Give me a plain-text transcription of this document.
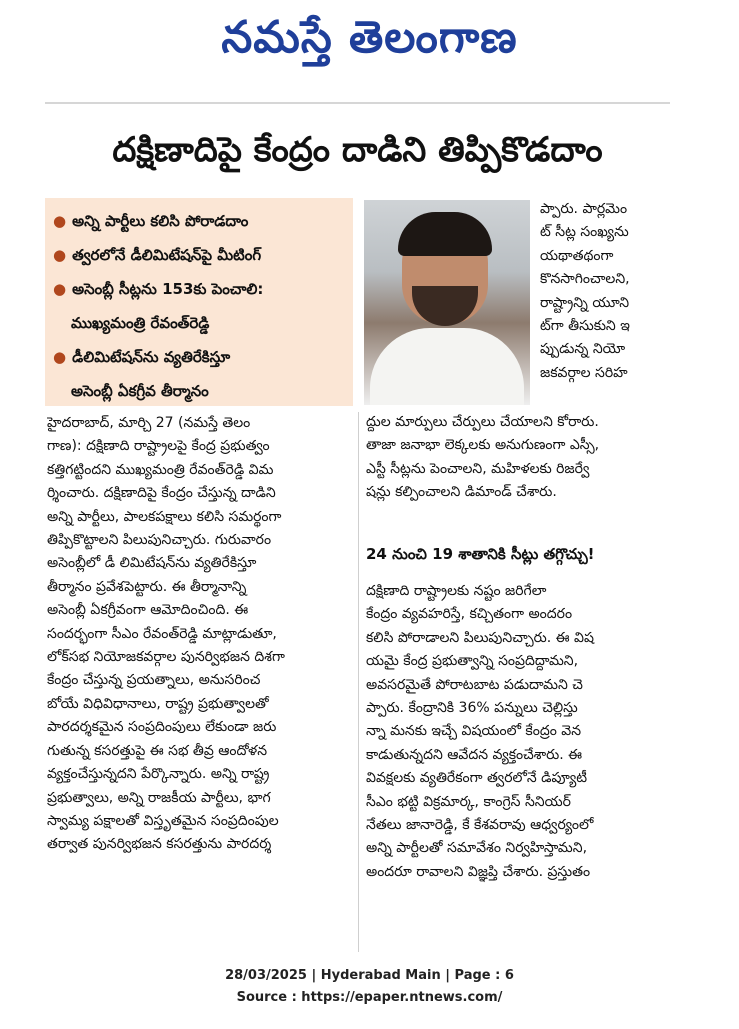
నమస్తే తెలంగాణ
దక్షిణాదిపై కేంద్రం దాడిని తిప్పికొడదాం
● అన్ని పార్టీలు కలిసి పోరాడదాం
● త్వరలోనే డీలిమిటేషన్‌పై మీటింగ్
● అసెంబ్లీ సీట్లను 153కు పెంచాలి:
ముఖ్యమంత్రి రేవంత్‌రెడ్డి
● డీలిమిటేషన్‌ను వ్యతిరేకిస్తూ
అసెంబ్లీ ఏకగ్రీవ తీర్మానం
ప్పారు. పార్లమెం
ట్ సీట్ల సంఖ్యను
యథాతథంగా
కొనసాగించాలని,
రాష్ట్రాన్ని యూని
ట్‌గా తీసుకుని ఇ
ప్పుడున్న నియో
జకవర్గాల సరిహ
ద్దుల మార్పులు చేర్పులు చేయాలని కోరారు.
తాజా జనాభా లెక్కలకు అనుగుణంగా ఎస్సీ,
ఎస్టీ సీట్లను పెంచాలని, మహిళలకు రిజర్వే
షన్లు కల్పించాలని డిమాండ్ చేశారు.
24 నుంచి 19 శాతానికి సీట్లు తగ్గొచ్చు!
దక్షిణాది రాష్ట్రాలకు నష్టం జరిగేలా
కేంద్రం వ్యవహరిస్తే, కచ్చితంగా అందరం
కలిసి పోరాడాలని పిలుపునిచ్చారు. ఈ విష
యమై కేంద్ర ప్రభుత్వాన్ని సంప్రదిద్దామని,
అవసరమైతే పోరాటబాట పడుదామని చె
ప్పారు. కేంద్రానికి 36% పన్నులు చెల్లిస్తు
న్నా మనకు ఇచ్చే విషయంలో కేంద్రం వెన
కాడుతున్నదని ఆవేదన వ్యక్తంచేశారు. ఈ
వివక్షలకు వ్యతిరేకంగా త్వరలోనే డిప్యూటీ
సీఎం భట్టి విక్రమార్క, కాంగ్రెస్ సీనియర్
నేతలు జానారెడ్డి, కే కేశవరావు ఆధ్వర్యంలో
అన్ని పార్టీలతో సమావేశం నిర్వహిస్తామని,
అందరూ రావాలని విజ్ఞప్తి చేశారు. ప్రస్తుతం
హైదరాబాద్, మార్చి 27 (నమస్తే తెలం
గాణ): దక్షిణాది రాష్ట్రాలపై కేంద్ర ప్రభుత్వం
కత్తిగట్టిందని ముఖ్యమంత్రి రేవంత్‌రెడ్డి విమ
ర్శించారు. దక్షిణాదిపై కేంద్రం చేస్తున్న దాడిని
అన్ని పార్టీలు, పాలకపక్షాలు కలిసి సమర్థంగా
తిప్పికొట్టాలని పిలుపునిచ్చారు. గురువారం
అసెంబ్లీలో డీ లిమిటేషన్‌ను వ్యతిరేకిస్తూ
తీర్మానం ప్రవేశపెట్టారు. ఈ తీర్మానాన్ని
అసెంబ్లీ ఏకగ్రీవంగా ఆమోదించింది. ఈ
సందర్భంగా సీఎం రేవంత్‌రెడ్డి మాట్లాడుతూ,
లోక్‌సభ నియోజకవర్గాల పునర్విభజన దిశగా
కేంద్రం చేస్తున్న ప్రయత్నాలు, అనుసరించ
బోయే విధివిధానాలు, రాష్ట్ర ప్రభుత్వాలతో
పారదర్శకమైన సంప్రదింపులు లేకుండా జరు
గుతున్న కసరత్తుపై ఈ సభ తీవ్ర ఆందోళన
వ్యక్తంచేస్తున్నదని పేర్కొన్నారు. అన్ని రాష్ట్ర
ప్రభుత్వాలు, అన్ని రాజకీయ పార్టీలు, భాగ
స్వామ్య పక్షాలతో విస్తృతమైన సంప్రదింపుల
తర్వాత పునర్విభజన కసరత్తును పారదర్శ
28/03/2025 | Hyderabad Main | Page : 6
Source : https://epaper.ntnews.com/
